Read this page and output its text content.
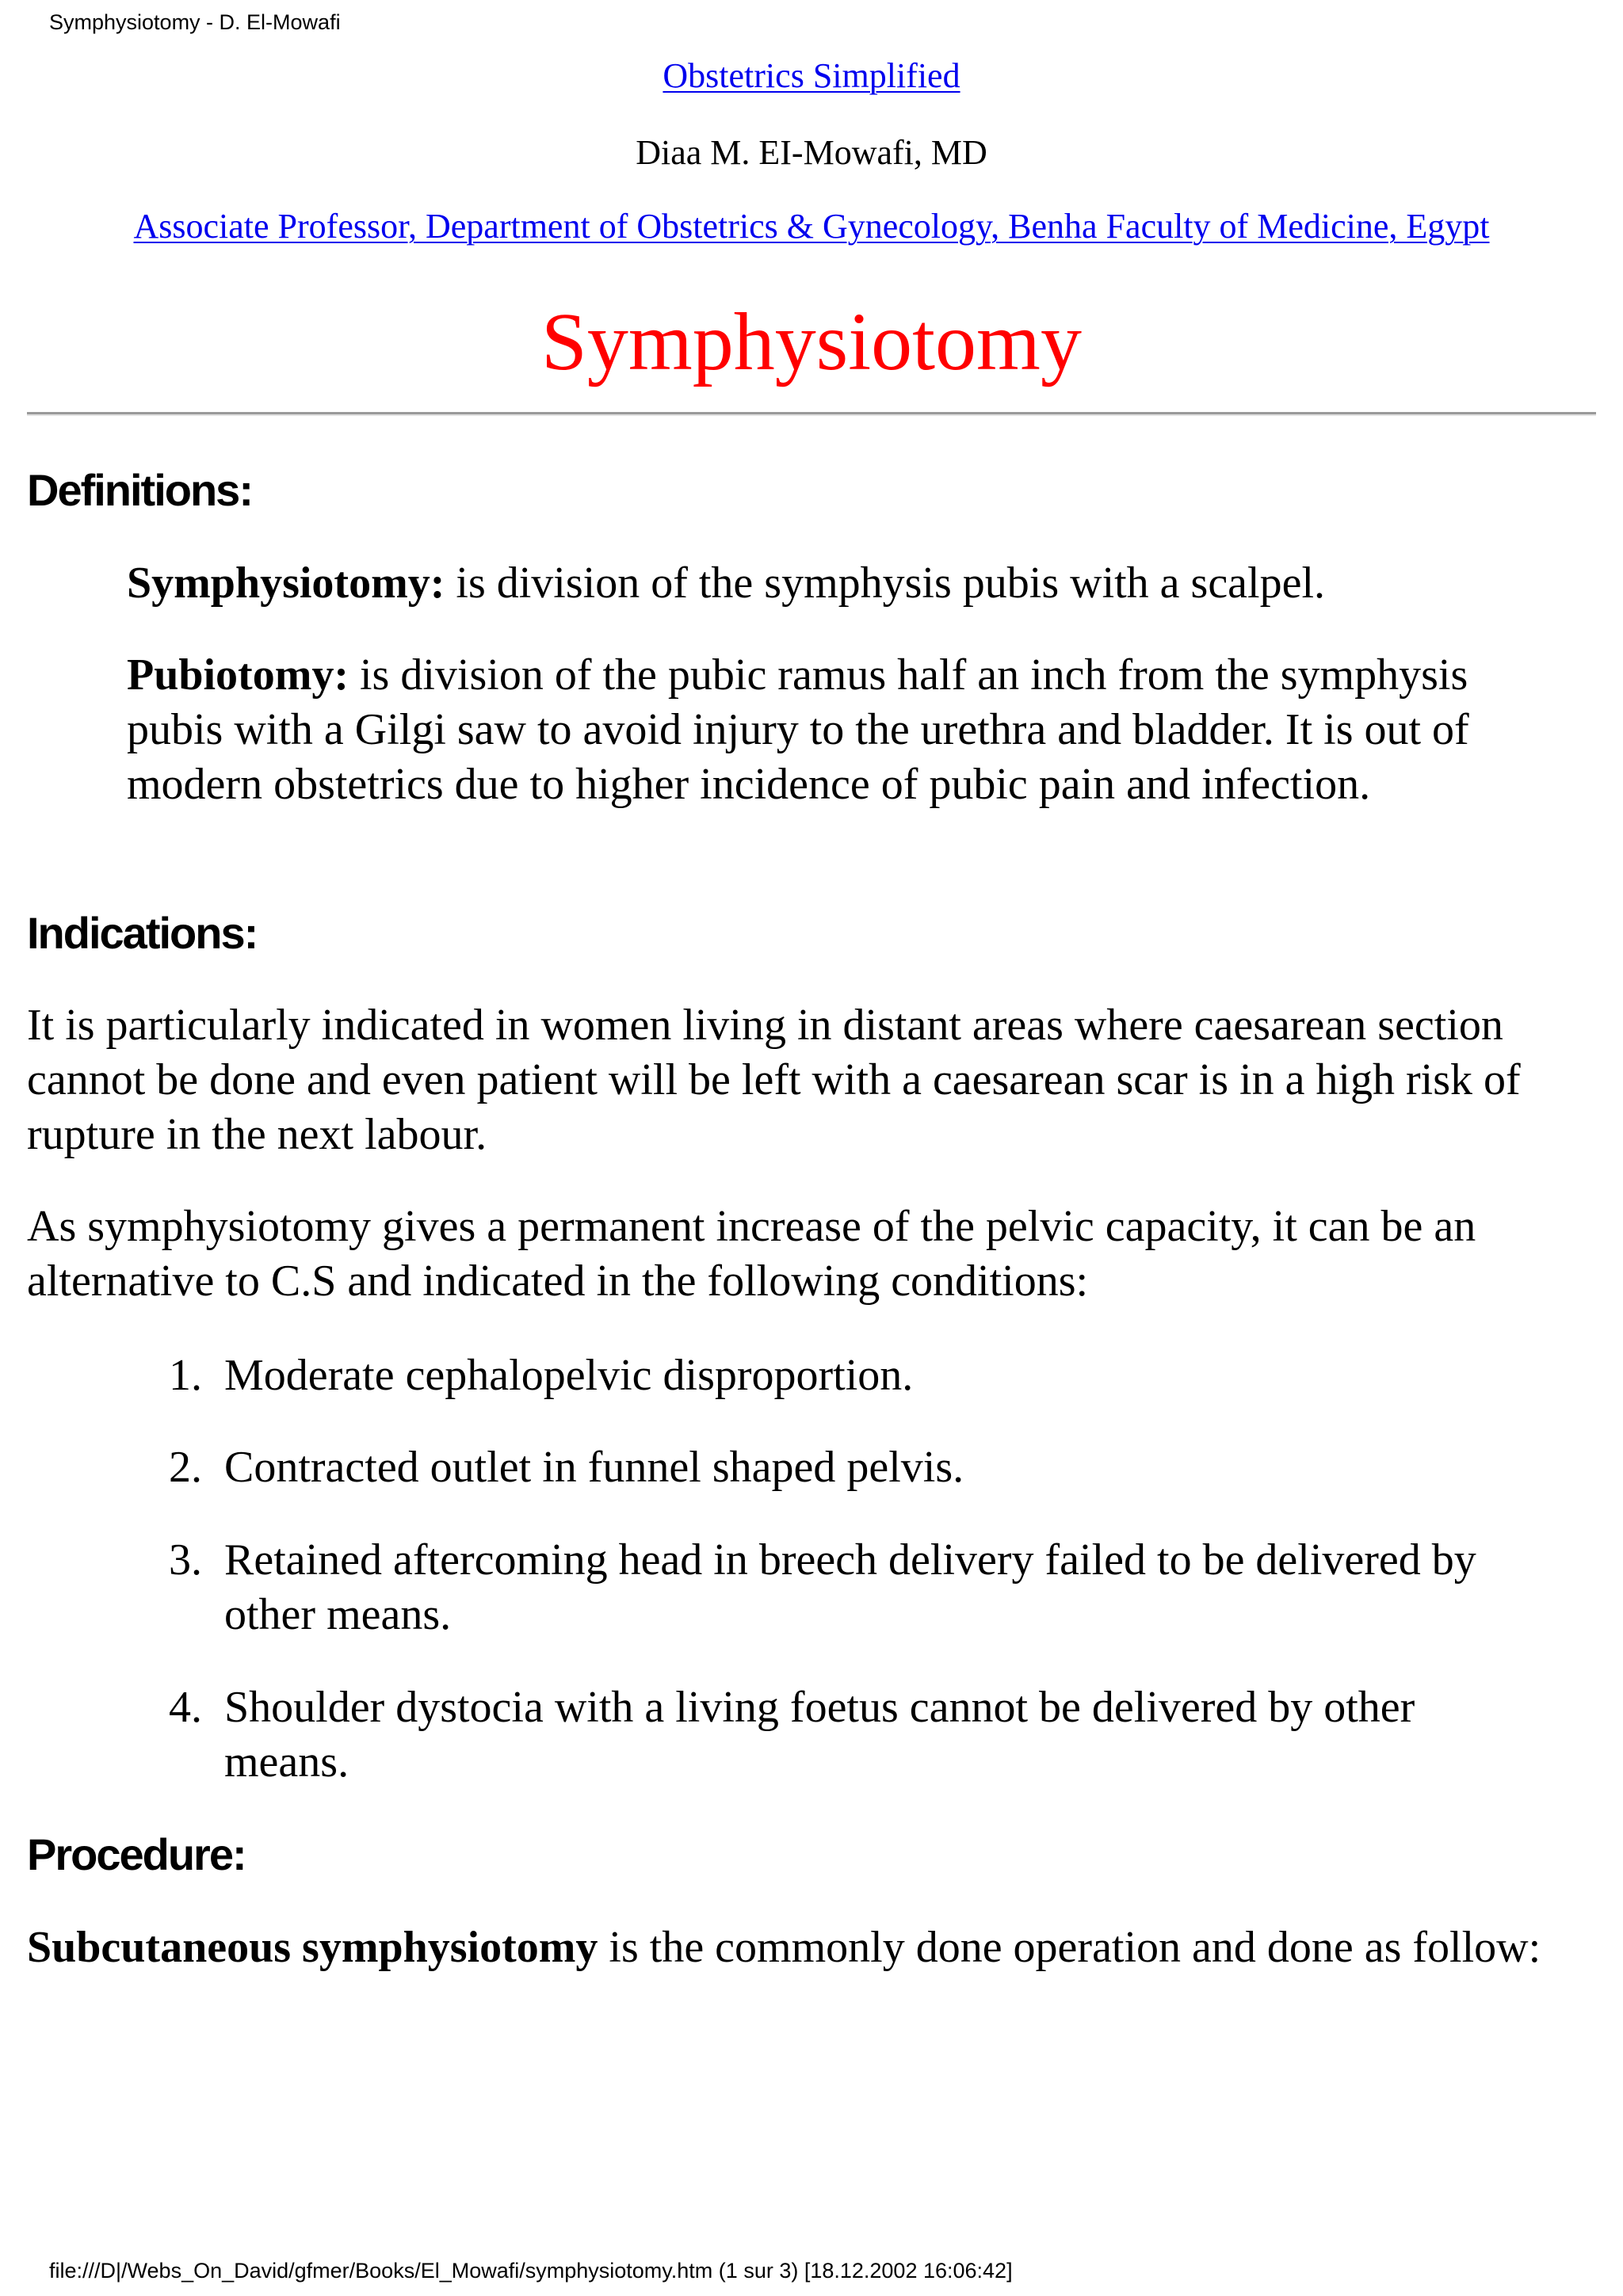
Symphysiotomy - D. El-Mowafi
Obstetrics Simplified
Diaa M. EI-Mowafi, MD
Associate Professor, Department of Obstetrics & Gynecology, Benha Faculty of Medicine, Egypt
Symphysiotomy
Definitions:

Symphysiotomy: is division of the symphysis pubis with a scalpel.

Pubiotomy: is division of the pubic ramus half an inch from the symphysis pubis with a Gilgi saw to avoid injury to the urethra and bladder. It is out of modern obstetrics due to higher incidence of pubic pain and infection.

Indications:

It is particularly indicated in women living in distant areas where caesarean section cannot be done and even patient will be left with a caesarean scar is in a high risk of rupture in the next labour.

As symphysiotomy gives a permanent increase of the pelvic capacity, it can be an alternative to C.S and indicated in the following conditions:

1. Moderate cephalopelvic disproportion.
2. Contracted outlet in funnel shaped pelvis.
3. Retained aftercoming head in breech delivery failed to be delivered by other means.
4. Shoulder dystocia with a living foetus cannot be delivered by other means.
Procedure:

Subcutaneous symphysiotomy is the commonly done operation and done as follow:

file:///D|/Webs_On_David/gfmer/Books/El_Mowafi/symphysiotomy.htm (1 sur 3) [18.12.2002 16:06:42]
